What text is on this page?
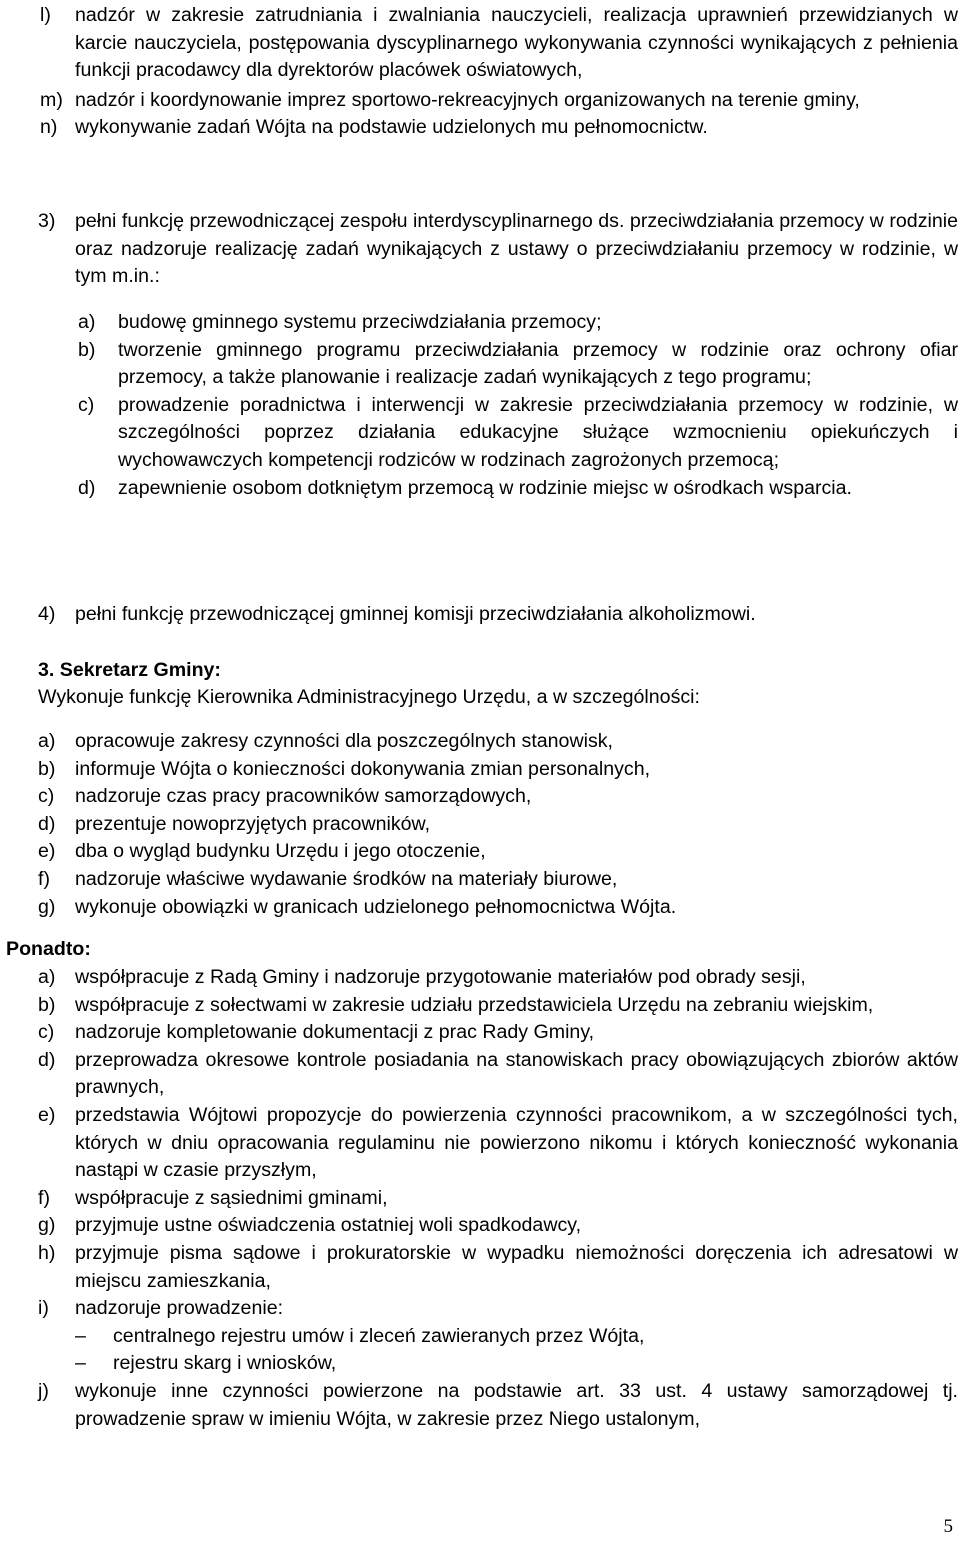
l) nadzór w zakresie zatrudniania i zwalniania nauczycieli, realizacja uprawnień przewidzianych w karcie nauczyciela, postępowania dyscyplinarnego wykonywania czynności wynikających z pełnienia funkcji pracodawcy dla dyrektorów placówek oświatowych,
m) nadzór i koordynowanie imprez sportowo-rekreacyjnych organizowanych na terenie gminy,
n) wykonywanie zadań Wójta na podstawie udzielonych mu pełnomocnictw.
3) pełni funkcję przewodniczącej zespołu interdyscyplinarnego ds. przeciwdziałania przemocy w rodzinie oraz nadzoruje realizację zadań wynikających z ustawy o przeciwdziałaniu przemocy w rodzinie, w tym m.in.:
a) budowę gminnego systemu przeciwdziałania przemocy;
b) tworzenie gminnego programu przeciwdziałania przemocy w rodzinie oraz ochrony ofiar przemocy, a także planowanie i realizacje zadań wynikających z tego programu;
c) prowadzenie poradnictwa i interwencji w zakresie przeciwdziałania przemocy w rodzinie, w szczególności poprzez działania edukacyjne służące wzmocnieniu opiekuńczych i wychowawczych kompetencji rodziców w rodzinach zagrożonych przemocą;
d) zapewnienie osobom dotkniętym przemocą w rodzinie miejsc w ośrodkach wsparcia.
4) pełni funkcję przewodniczącej gminnej komisji przeciwdziałania alkoholizmowi.
3. Sekretarz Gminy:
Wykonuje funkcję Kierownika Administracyjnego Urzędu, a w szczególności:
a) opracowuje zakresy czynności dla poszczególnych stanowisk,
b) informuje Wójta o konieczności dokonywania zmian personalnych,
c) nadzoruje czas pracy pracowników samorządowych,
d) prezentuje nowoprzyjętych pracowników,
e) dba o wygląd budynku Urzędu i jego otoczenie,
f) nadzoruje właściwe wydawanie środków na materiały biurowe,
g) wykonuje obowiązki w granicach udzielonego pełnomocnictwa Wójta.
Ponadto:
a) współpracuje z Radą Gminy i nadzoruje przygotowanie materiałów pod obrady sesji,
b) współpracuje z sołectwami w zakresie udziału przedstawiciela Urzędu na zebraniu wiejskim,
c) nadzoruje kompletowanie dokumentacji z prac Rady Gminy,
d) przeprowadza okresowe kontrole posiadania na stanowiskach pracy obowiązujących zbiorów aktów prawnych,
e) przedstawia Wójtowi propozycje do powierzenia czynności pracownikom, a w szczególności tych, których w dniu opracowania regulaminu nie powierzono nikomu i których konieczność wykonania nastąpi w czasie przyszłym,
f) współpracuje z sąsiednimi gminami,
g) przyjmuje ustne oświadczenia ostatniej woli spadkodawcy,
h) przyjmuje pisma sądowe i prokuratorskie w wypadku niemożności doręczenia ich adresatowi w miejscu zamieszkania,
i) nadzoruje prowadzenie:
– centralnego rejestru umów i zleceń zawieranych przez Wójta,
– rejestru skarg i wniosków,
j) wykonuje inne czynności powierzone na podstawie art. 33 ust. 4 ustawy samorządowej tj. prowadzenie spraw w imieniu Wójta, w zakresie przez Niego ustalonym,
5
